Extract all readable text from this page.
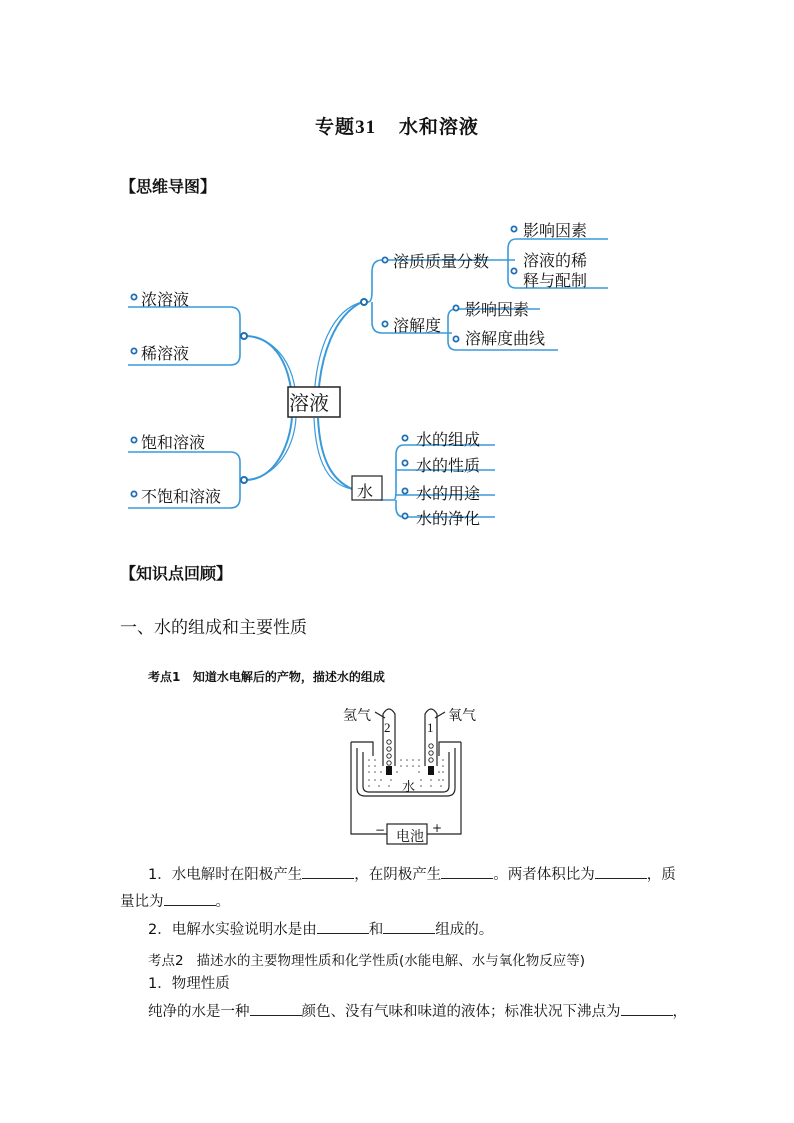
专题31 水和溶液
【思维导图】
溶液
浓溶液
稀溶液
饱和溶液
不饱和溶液
溶质质量分数
影响因素
溶液的稀
释与配制
溶解度
影响因素
溶解度曲线
水
水的组成
水的性质
水的用途
水的净化
【知识点回顾】
一、水的组成和主要性质
考点1 知道水电解后的产物，描述水的组成
氢气	氧气
2	1
水
电池
−	+
1．水电解时在阳极产生	，在阴极产生	。两者体积比为	，质
量比为	。
2．电解水实验说明水是由	和	组成的。
考点2 描述水的主要物理性质和化学性质(水能电解、水与氧化物反应等)
1．物理性质
纯净的水是一种	颜色、没有气味和味道的液体；标准状况下沸点为	，
